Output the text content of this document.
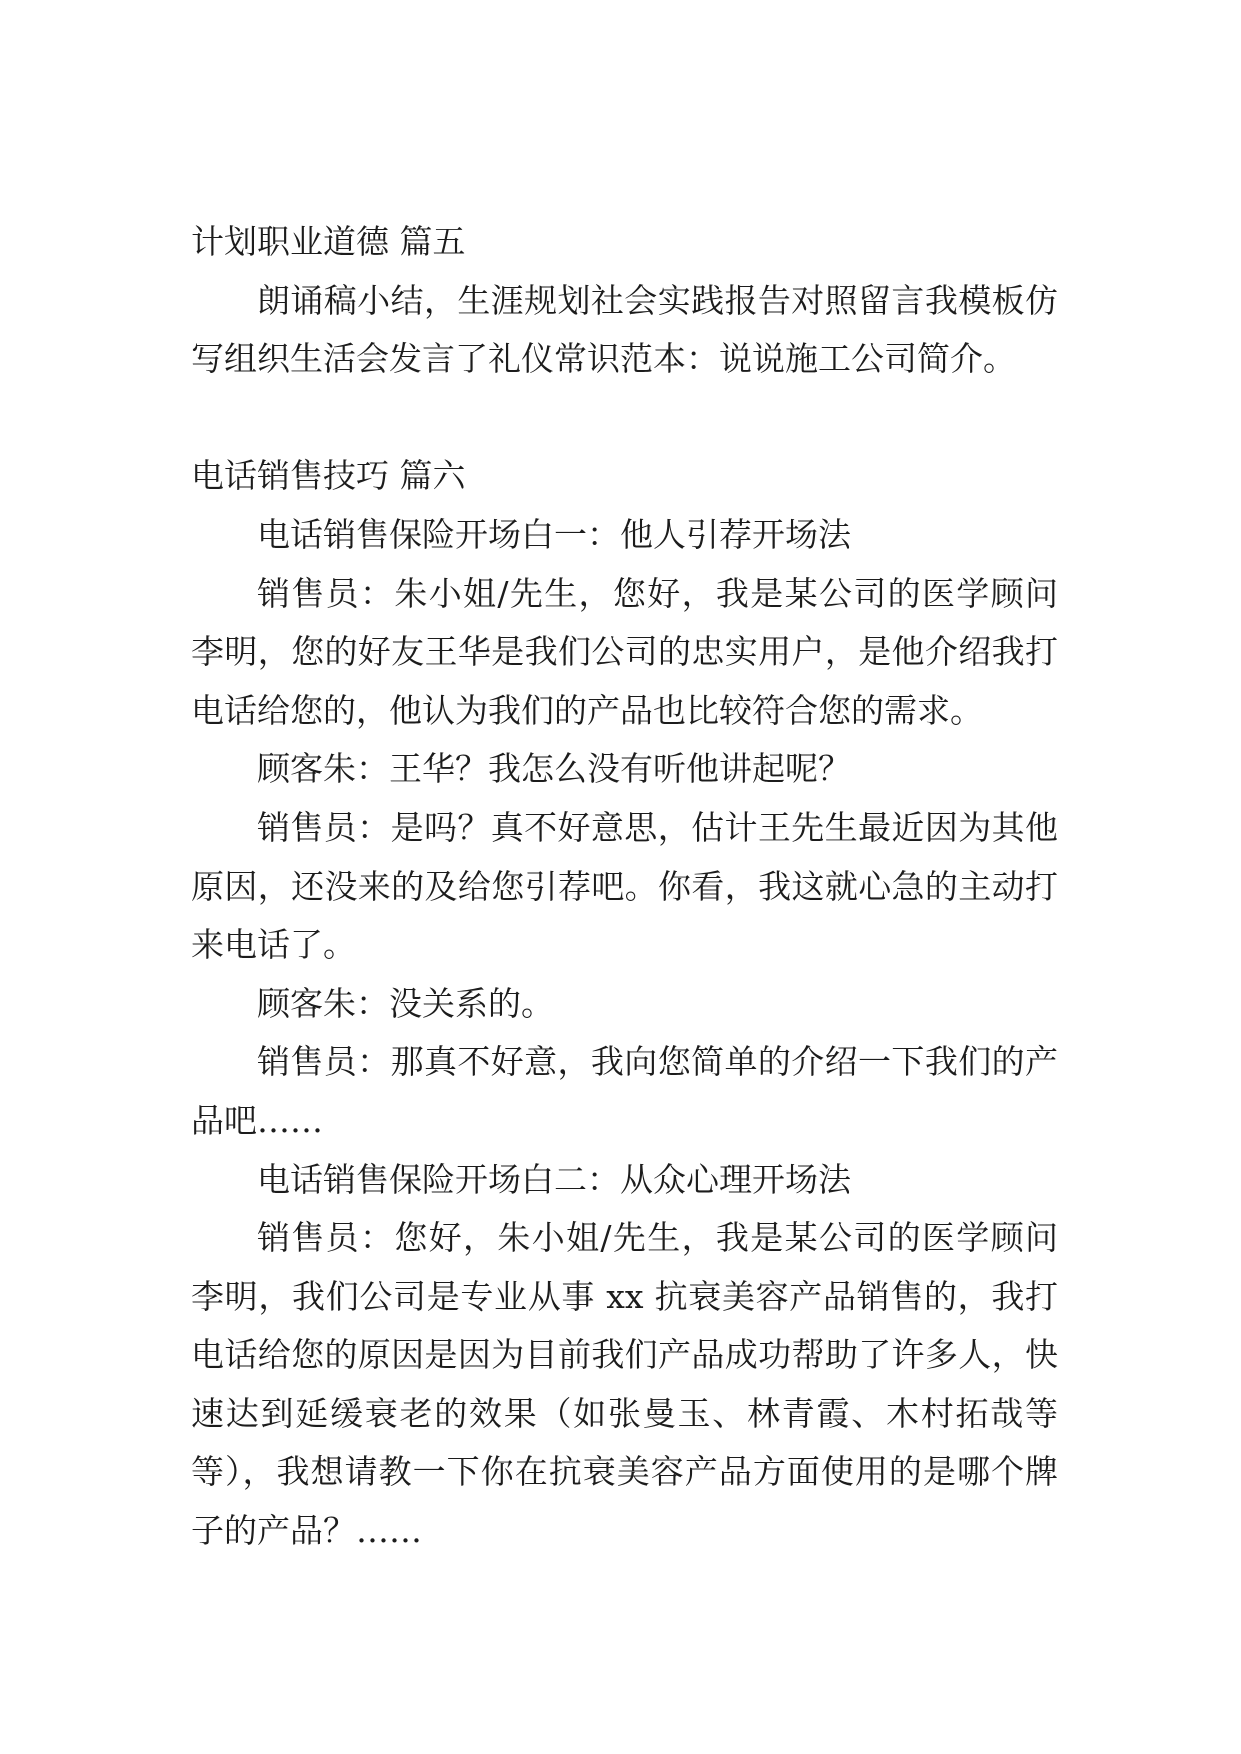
计划职业道德 篇五

朗诵稿小结，生涯规划社会实践报告对照留言我模板仿写组织生活会发言了礼仪常识范本：说说施工公司简介。

电话销售技巧 篇六

电话销售保险开场白一：他人引荐开场法

销售员：朱小姐/先生，您好，我是某公司的医学顾问李明，您的好友王华是我们公司的忠实用户，是他介绍我打电话给您的，他认为我们的产品也比较符合您的需求。

顾客朱：王华？我怎么没有听他讲起呢？

销售员：是吗？真不好意思，估计王先生最近因为其他原因，还没来的及给您引荐吧。你看，我这就心急的主动打来电话了。

顾客朱：没关系的。

销售员：那真不好意，我向您简单的介绍一下我们的产品吧……

电话销售保险开场白二：从众心理开场法

销售员：您好，朱小姐/先生，我是某公司的医学顾问李明，我们公司是专业从事 xx 抗衰美容产品销售的，我打电话给您的原因是因为目前我们产品成功帮助了许多人，快速达到延缓衰老的效果（如张曼玉、林青霞、木村拓哉等等），我想请教一下你在抗衰美容产品方面使用的是哪个牌子的产品？……
